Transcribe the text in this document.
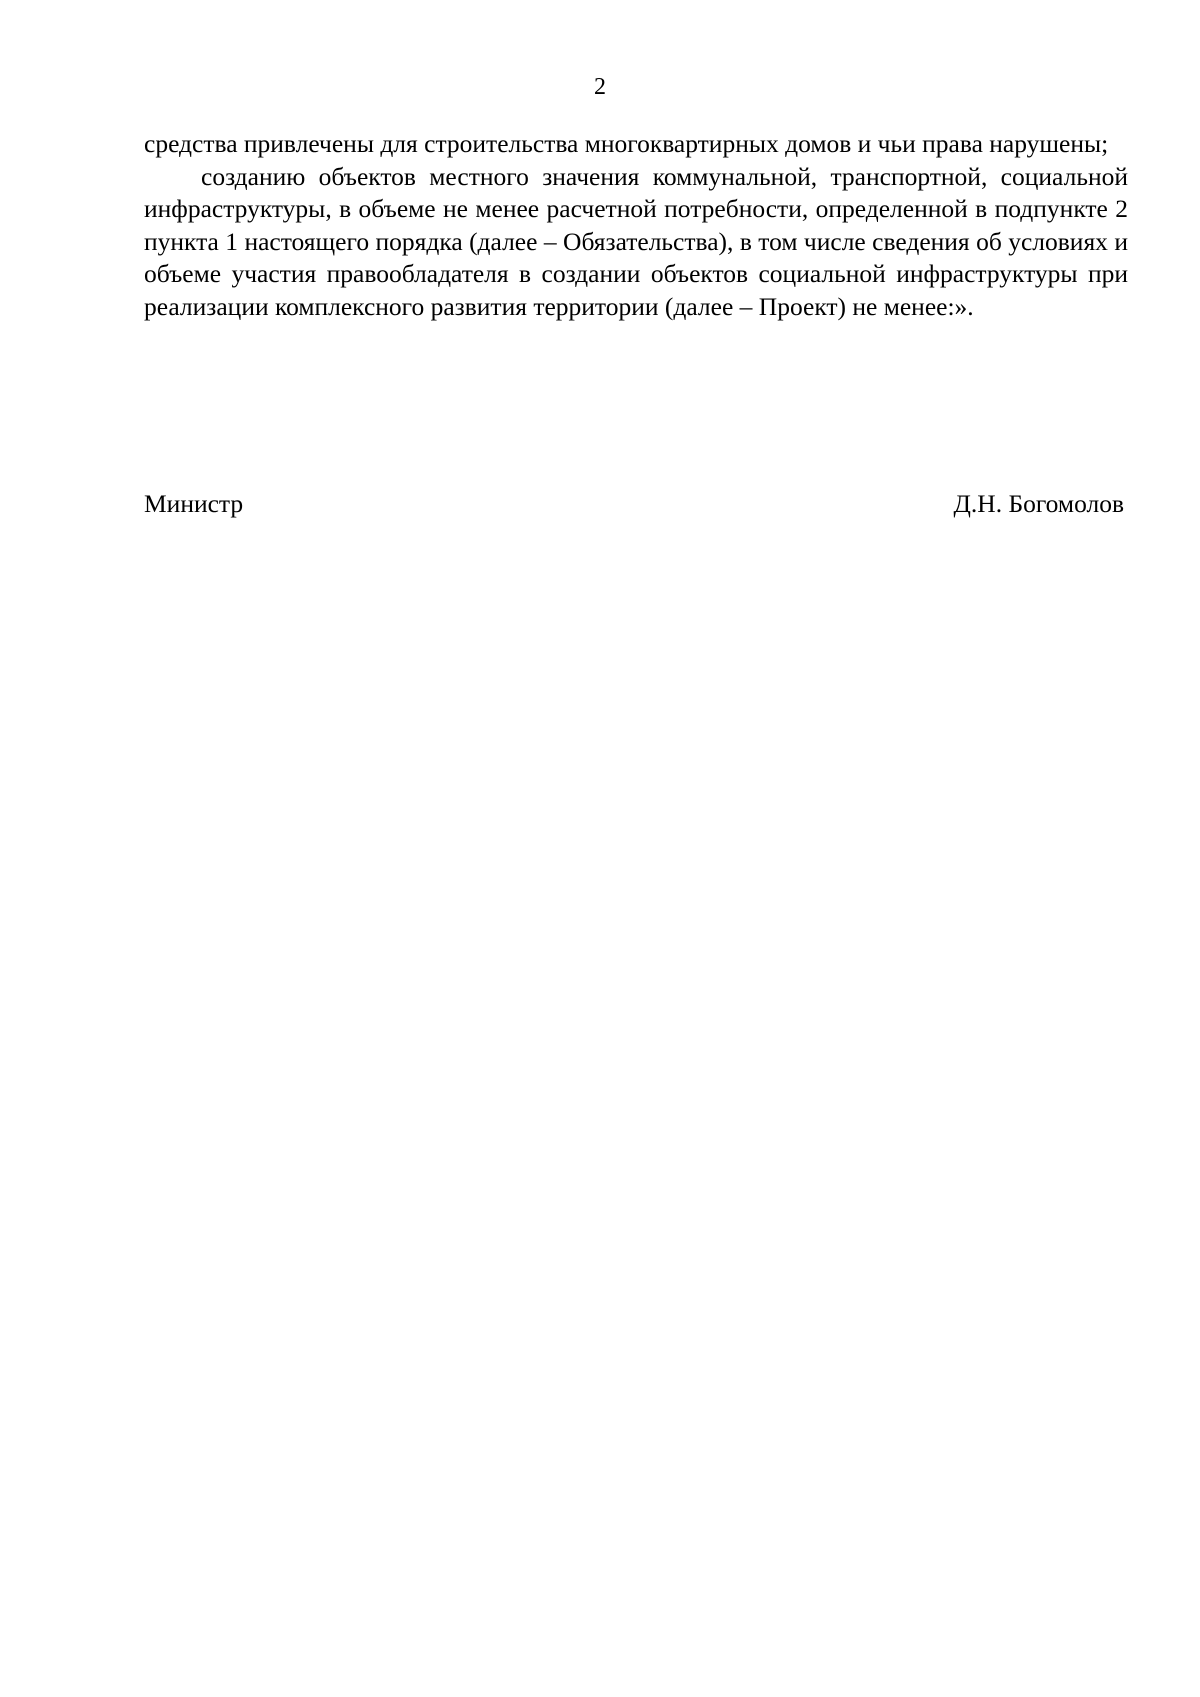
2

средства привлечены для строительства многоквартирных домов и чьи права нарушены;

созданию объектов местного значения коммунальной, транспортной, социальной инфраструктуры, в объеме не менее расчетной потребности, определенной в подпункте 2 пункта 1 настоящего порядка (далее – Обязательства), в том числе сведения об условиях и объеме участия правообладателя в создании объектов социальной инфраструктуры при реализации комплексного развития территории (далее – Проект) не менее:».

Министр	Д.Н. Богомолов
